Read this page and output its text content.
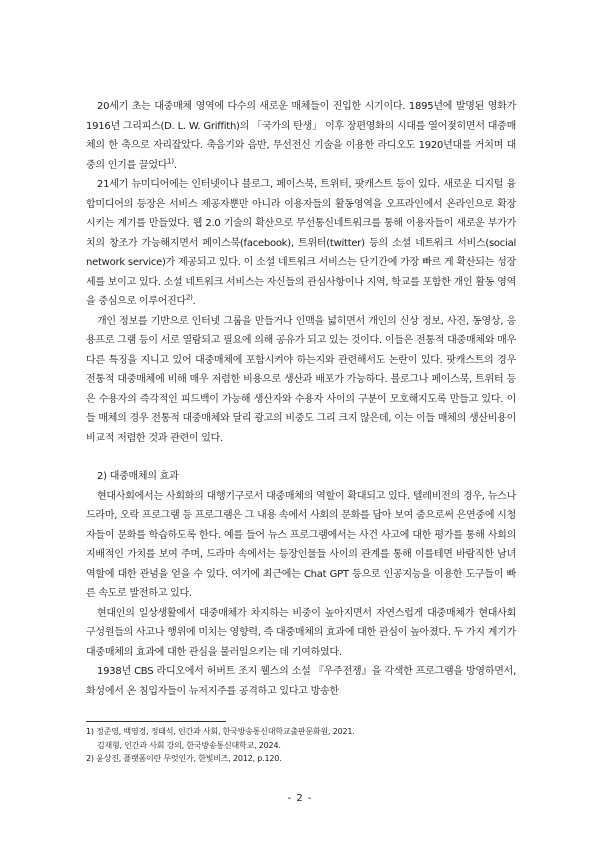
20세기 초는 대중매체 영역에 다수의 새로운 매체들이 진입한 시기이다. 1895년에 발명된 영화가 1916년 그리피스(D. L. W. Griffith)의 「국가의 탄생」 이후 장편영화의 시대를 열어젖히면서 대중매체의 한 축으로 자리잡았다. 축음기와 음반, 무선전신 기술을 이용한 라디오도 1920년대를 거치며 대중의 인기를 끌었다$^{1)}$.

21세기 뉴미디어에는 인터넷이나 블로그, 페이스북, 트위터, 팟캐스트 등이 있다. 새로운 디지털 융합미디어의 등장은 서비스 제공자뿐만 아니라 이용자들의 활동영역을 오프라인에서 온라인으로 확장시키는 계기를 만들었다. 웹 2.0 기술의 확산으로 무선통신네트워크를 통해 이용자들이 새로운 부가가치의 창조가 가능해지면서 페이스북(facebook), 트위터(twitter) 등의 소셜 네트워크 서비스(social network service)가 제공되고 있다. 이 소셜 네트워크 서비스는 단기간에 가장 빠르 게 확산되는 성장세를 보이고 있다. 소셜 네트워크 서비스는 자신들의 관심사항이나 지역, 학교를 포함한 개인 활동 영역을 중심으로 이루어진다$^{2)}$.

개인 정보를 기반으로 인터넷 그룹을 만들거나 인맥을 넓히면서 개인의 신상 정보, 사진, 동영상, 응용프로 그램 등이 서로 열람되고 필요에 의해 공유가 되고 있는 것이다. 이들은 전통적 대중매체와 매우 다른 특징을 지니고 있어 대중매체에 포함시켜야 하는지와 관련해서도 논란이 있다. 팟캐스트의 경우 전통적 대중매체에 비해 매우 저렴한 비용으로 생산과 배포가 가능하다. 블로그나 페이스북, 트위터 등은 수용자의 즉각적인 피드백이 가능해 생산자와 수용자 사이의 구분이 모호해지도록 만들고 있다. 이들 매체의 경우 전통적 대중매체와 달리 광고의 비중도 그리 크지 않은데, 이는 이들 매체의 생산비용이 비교적 저렴한 것과 관련이 있다.

2) 대중매체의 효과

현대사회에서는 사회화의 대행기구로서 대중매체의 역할이 확대되고 있다. 텔레비전의 경우, 뉴스나 드라마, 오락 프로그램 등 프로그램은 그 내용 속에서 사회의 문화를 담아 보여 줌으로써 은연중에 시청자들이 문화를 학습하도록 한다. 예를 들어 뉴스 프로그램에서는 사건 사고에 대한 평가를 통해 사회의 지배적인 가치를 보여 주며, 드라마 속에서는 등장인물들 사이의 관계를 통해 이를테면 바람직한 남녀 역할에 대한 관념을 얻을 수 있다. 여기에 최근에는 Chat GPT 등으로 인공지능을 이용한 도구들이 빠른 속도로 발전하고 있다.

현대인의 일상생활에서 대중매체가 차지하는 비중이 높아지면서 자연스럽게 대중매체가 현대사회 구성원들의 사고나 행위에 미치는 영향력, 즉 대중매체의 효과에 대한 관심이 높아졌다. 두 가지 계기가 대중매체의 효과에 대한 관심을 불러일으키는 데 기여하였다.

1938년 CBS 라디오에서 허버트 조지 웰스의 소설 『우주전쟁』을 각색한 프로그램을 방영하면서, 화성에서 온 침입자들이 뉴저지주를 공격하고 있다고 방송한

1) 정준영, 백영경, 정태석, 인간과 사회, 한국방송통신대학교출판문화원, 2021.

김재형, 인간과 사회 강의, 한국방송통신대학교, 2024.

2) 윤상진, 플랫폼이란 무엇인가, 한빛비즈, 2012, p.120.

- 2 -
